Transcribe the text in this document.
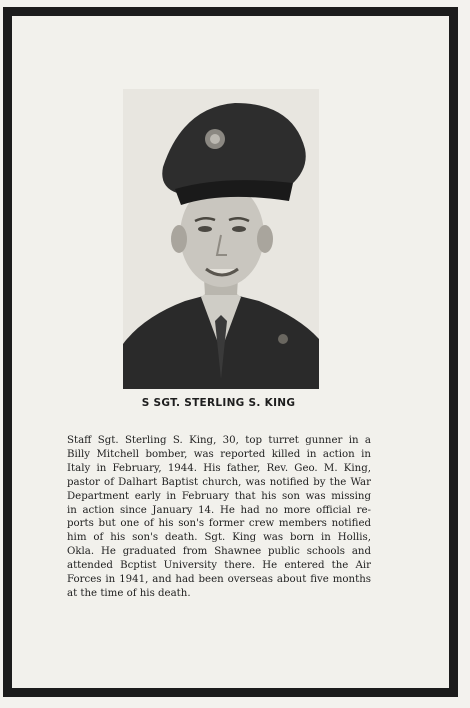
S SGT. STERLING S. KING
Staff Sgt. Sterling S. King, 30, top turret gunner in a
Billy Mitchell bomber, was reported killed in action in
Italy in February, 1944. His father, Rev. Geo. M. King,
pastor of Dalhart Baptist church, was notified by the War
Department early in February that his son was missing
in action since January 14. He had no more official re-
ports but one of his son's former crew members notified
him of his son's death. Sgt. King was born in Hollis,
Okla. He graduated from Shawnee public schools and
attended Bcptist University there. He entered the Air
Forces in 1941, and had been overseas about five months
at the time of his death.
